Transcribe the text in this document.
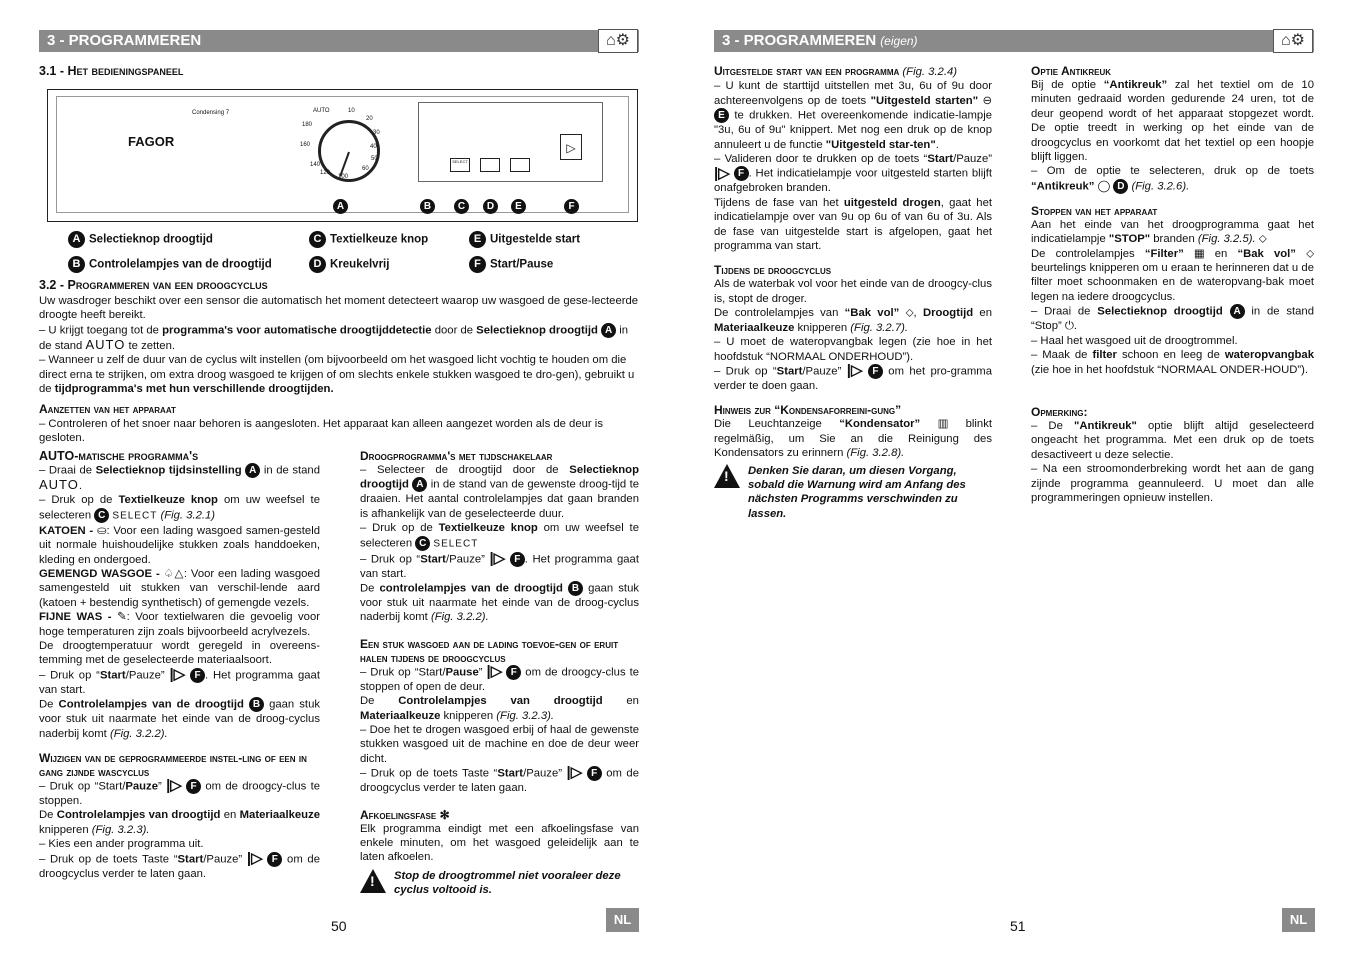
3 - PROGRAMMEREN	⌂⚙
3.1 - Het bedieningspaneel
FAGOR
Condensing 7	AUTO	10
20
30
40
50
60
100
120
140
160
180
SELECT
▷
A	B	C	D	E	F
A Selectieknop droogtijd
B Controlelampjes van de droogtijd
C Textielkeuze knop
D Kreukelvrij
E Uitgestelde start
F Start/Pause
3.2 - Programmeren van een droogcyclus
Uw wasdroger beschikt over een sensor die automatisch het moment detecteert waarop uw wasgoed de gese-lecteerde droogte heeft bereikt.
– U krijgt toegang tot de programma's voor automatische droogtijddetectie door de Selectieknop droogtijd A in de stand AUTO te zetten.
– Wanneer u zelf de duur van de cyclus wilt instellen (om bijvoorbeeld om het wasgoed licht vochtig te houden om die direct erna te strijken, om extra droog wasgoed te krijgen of om slechts enkele stukken wasgoed te dro-gen), gebruikt u de tijdprogramma's met hun verschillende droogtijden.
Aanzetten van het apparaat
– Controleren of het snoer naar behoren is aangesloten. Het apparaat kan alleen aangezet worden als de deur is gesloten.
AUTO-matische programma's
– Draai de Selectieknop tijdsinstelling A in de stand AUTO.
– Druk op de Textielkeuze knop om uw weefsel te selecteren C SELECT (Fig. 3.2.1)
KATOEN - ⛀: Voor een lading wasgoed samen-gesteld uit normale huishoudelijke stukken zoals handdoeken, kleding en ondergoed.
GEMENGD WASGOE - ♤△: Voor een lading wasgoed samengesteld uit stukken van verschil-lende aard (katoen + bestendig synthetisch) of gemengde vezels.
FIJNE WAS - ✎: Voor textielwaren die gevoelig voor hoge temperaturen zijn zoals bijvoorbeeld acrylvezels.
De droogtemperatuur wordt geregeld in overeens-temming met de geselecteerde materiaalsoort.
– Druk op “Start/Pauze” |▷ F . Het programma gaat van start.
De Controlelampjes van de droogtijd B gaan stuk voor stuk uit naarmate het einde van de droog-cyclus naderbij komt (Fig. 3.2.2).
Wijzigen van de geprogrammeerde instel-ling of een in gang zijnde wascyclus
– Druk op “Start/Pauze” |▷ F om de droogcy-clus te stoppen.
De Controlelampjes van droogtijd en Materiaalkeuze knipperen (Fig. 3.2.3).
– Kies een ander programma uit.
– Druk op de toets Taste “Start/Pauze” |▷ F om de droogcyclus verder te laten gaan.
Droogprogramma's met tijdschakelaar
– Selecteer de droogtijd door de Selectieknop droogtijd A in de stand van de gewenste droog-tijd te draaien. Het aantal controlelampjes dat gaan branden is afhankelijk van de geselecteerde duur.
– Druk op de Textielkeuze knop om uw weefsel te selecteren C SELECT
– Druk op “Start/Pauze” |▷ F . Het programma gaat van start.
De controlelampjes van de droogtijd B gaan stuk voor stuk uit naarmate het einde van de droog-cyclus naderbij komt (Fig. 3.2.2).
Een stuk wasgoed aan de lading toevoe-gen of eruit halen tijdens de droogcyclus
– Druk op “Start/Pause” |▷ F om de droogcy-clus te stoppen of open de deur.
De Controlelampjes van droogtijd en Materiaalkeuze knipperen (Fig. 3.2.3).
– Doe het te drogen wasgoed erbij of haal de gewenste stukken wasgoed uit de machine en doe de deur weer dicht.
– Druk op de toets Taste “Start/Pauze” |▷ F om de droogcyclus verder te laten gaan.
Afkoelingsfase ✻
Elk programma eindigt met een afkoelingsfase van enkele minuten, om het wasgoed geleidelijk aan te laten afkoelen.
! Stop de droogtrommel niet vooraleer deze cyclus voltooid is.
50	NL
3 - PROGRAMMEREN (eigen)	⌂⚙
Uitgestelde start van een programma (Fig. 3.2.4)
– U kunt de starttijd uitstellen met 3u, 6u of 9u door achtereenvolgens op de toets "Uitgesteld starten" ⊖ E te drukken. Het overeenkomende indicatie-lampje "3u, 6u of 9u" knippert. Met nog een druk op de knop annuleert u de functie "Uitgesteld star-ten".
– Valideren door te drukken op de toets “Start/Pauze” |▷ F . Het indicatielampje voor uitgesteld starten blijft onafgebroken branden.
Tijdens de fase van het uitgesteld drogen, gaat het indicatielampje over van 9u op 6u of van 6u of 3u. Als de fase van uitgestelde start is afgelopen, gaat het programma van start.
Tijdens de droogcyclus
Als de waterbak vol voor het einde van de droogcy-clus is, stopt de droger.
De controlelampjes van “Bak vol” ⬦, Droogtijd en Materiaalkeuze knipperen (Fig. 3.2.7).
– U moet de wateropvangbak legen (zie hoe in het hoofdstuk “NORMAAL ONDERHOUD”).
– Druk op “Start/Pauze” |▷ F om het pro-gramma verder te doen gaan.
Hinweis zur “Kondensaforreini-gung”
Die Leuchtanzeige “Kondensator” ▥ blinkt regelmäßig, um Sie an die Reinigung des Kondensators zu erinnern (Fig. 3.2.8).
! Denken Sie daran, um diesen Vorgang, sobald die Warnung wird am Anfang des nächsten Programms verschwinden zu lassen.
Optie Antikreuk
Bij de optie “Antikreuk” zal het textiel om de 10 minuten gedraaid worden gedurende 24 uren, tot de deur geopend wordt of het apparaat stopgezet wordt. De optie treedt in werking op het einde van de droogcyclus en voorkomt dat het textiel op een hoopje blijft liggen.
– Om de optie te selecteren, druk op de toets “Antikreuk” ◯ D (Fig. 3.2.6).
Stoppen van het apparaat
Aan het einde van het droogprogramma gaat het indicatielampje "STOP" branden (Fig. 3.2.5). ⬦
De controlelampjes “Filter” ▦ en “Bak vol” ⬦ beurtelings knipperen om u eraan te herinneren dat u de filter moet schoonmaken en de wateropvang-bak moet legen na iedere droogcyclus.
– Draai de Selectieknop droogtijd A in de stand “Stop” ⏻.
– Haal het wasgoed uit de droogtrommel.
– Maak de filter schoon en leeg de wateropvangbak (zie hoe in het hoofdstuk “NORMAAL ONDER-HOUD”).
Opmerking:
– De "Antikreuk" optie blijft altijd geselecteerd ongeacht het programma. Met een druk op de toets desactiveert u deze selectie.
– Na een stroomonderbreking wordt het aan de gang zijnde programma geannuleerd. U moet dan alle programmeringen opnieuw instellen.
51	NL
